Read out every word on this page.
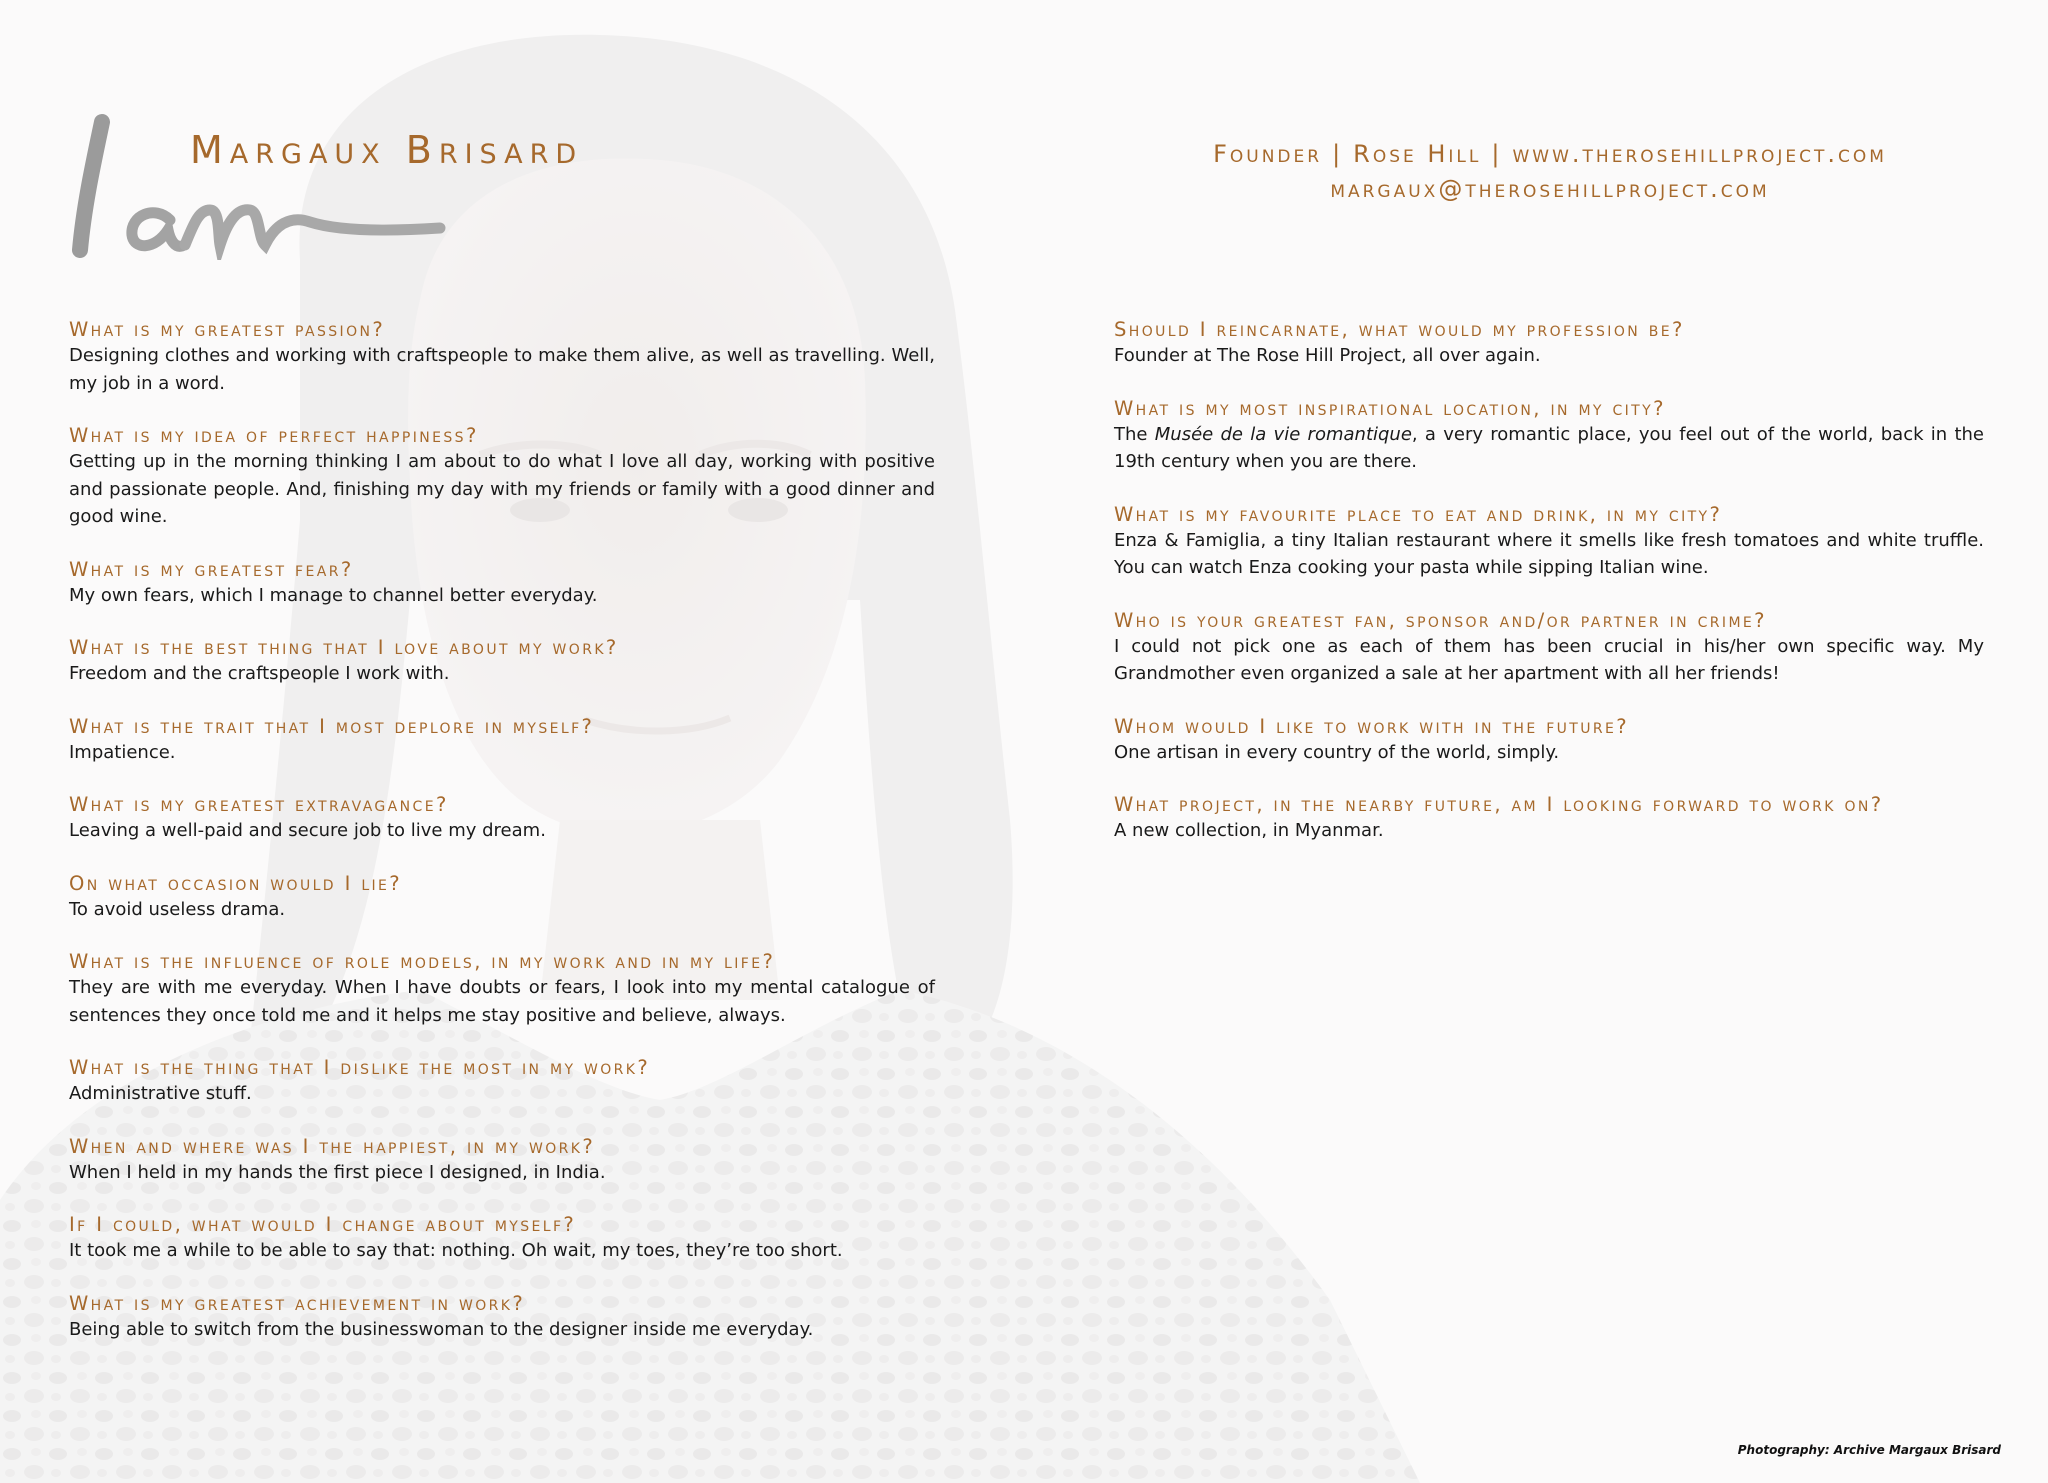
Margaux Brisard	Founder | Rose Hill | www.therosehillproject.com
margaux@therosehillproject.com

What is my greatest passion?

Designing clothes and working with craftspeople to make them alive, as well as travelling. Well, my job in a word.

What is my idea of perfect happiness?

Getting up in the morning thinking I am about to do what I love all day, working with positive and passionate people. And, finishing my day with my friends or family with a good dinner and good wine.

What is my greatest fear?

My own fears, which I manage to channel better everyday.

What is the best thing that I love about my work?

Freedom and the craftspeople I work with.

What is the trait that I most deplore in myself?

Impatience.

What is my greatest extravagance?

Leaving a well-paid and secure job to live my dream.

On what occasion would I lie?

To avoid useless drama.

What is the influence of role models, in my work and in my life?

They are with me everyday. When I have doubts or fears, I look into my mental catalogue of sentences they once told me and it helps me stay positive and believe, always.

What is the thing that I dislike the most in my work?

Administrative stuff.

When and where was I the happiest, in my work?

When I held in my hands the first piece I designed, in India.

If I could, what would I change about myself?

It took me a while to be able to say that: nothing. Oh wait, my toes, they’re too short.

What is my greatest achievement in work?

Being able to switch from the businesswoman to the designer inside me everyday.

Should I reincarnate, what would my profession be?

Founder at The Rose Hill Project, all over again.

What is my most inspirational location, in my city?

The Musée de la vie romantique, a very romantic place, you feel out of the world, back in the 19th century when you are there.

What is my favourite place to eat and drink, in my city?

Enza & Famiglia, a tiny Italian restaurant where it smells like fresh tomatoes and white truffle. You can watch Enza cooking your pasta while sipping Italian wine.

Who is your greatest fan, sponsor and/or partner in crime?

I could not pick one as each of them has been crucial in his/her own specific way. My Grandmother even organized a sale at her apartment with all her friends!

Whom would I like to work with in the future?

One artisan in every country of the world, simply.

What project, in the nearby future, am I looking forward to work on?

A new collection, in Myanmar.

Photography: Archive Margaux Brisard
